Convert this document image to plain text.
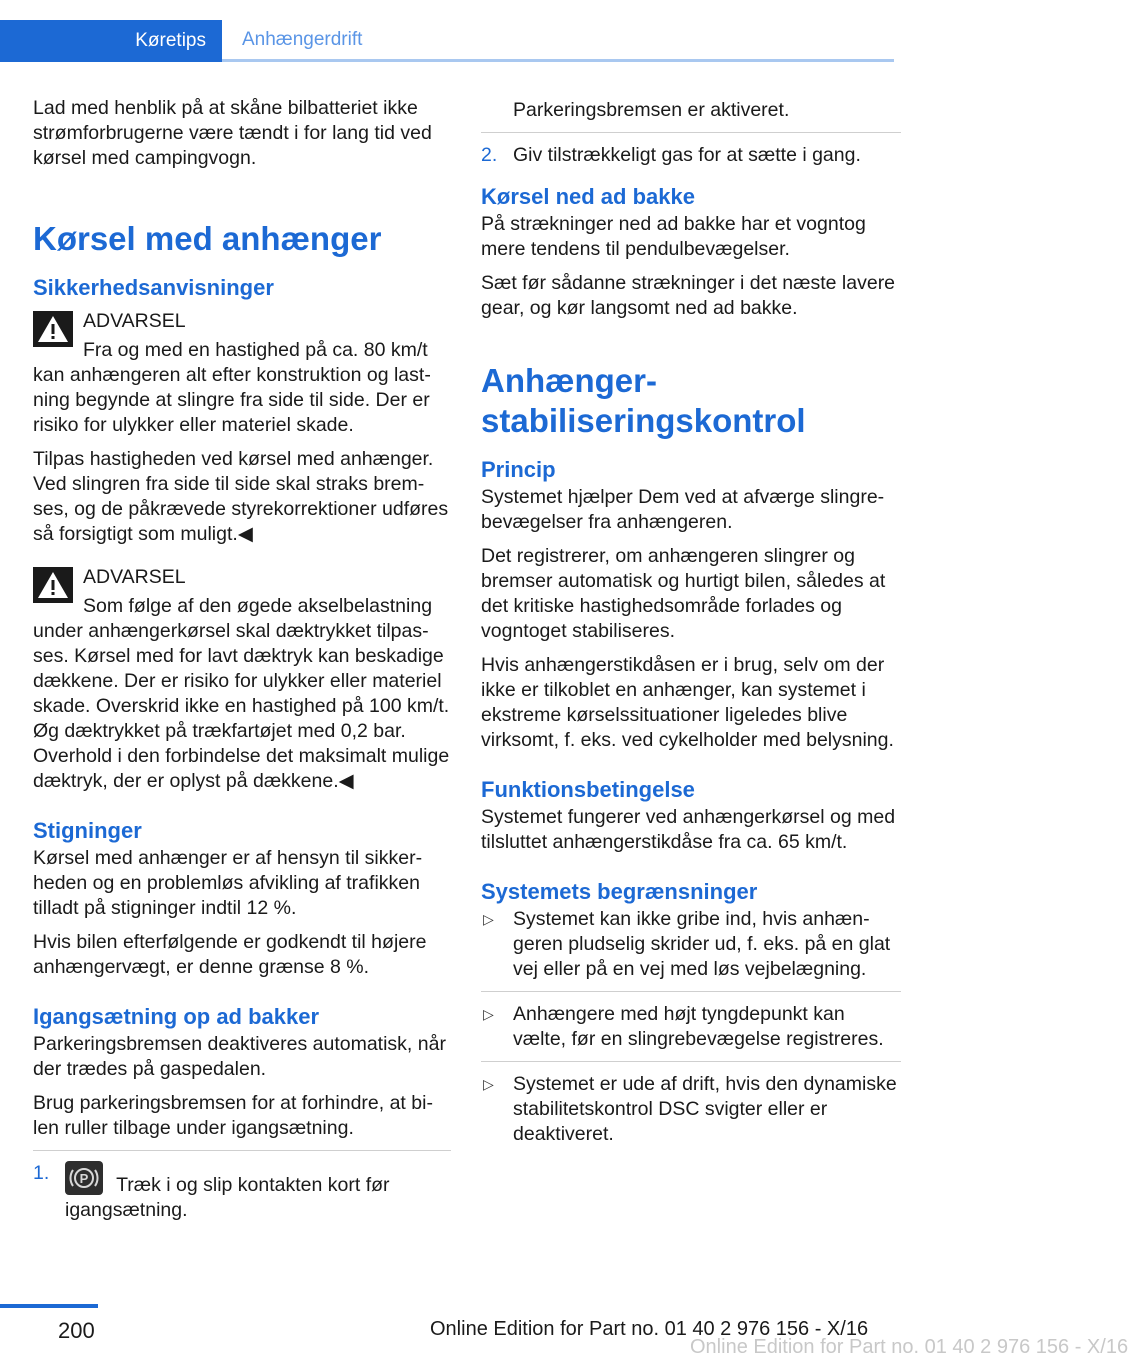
Køretips	Anhængerdrift

Lad med henblik på at skåne bilbatteriet ikke strømforbrugerne være tændt i for lang tid ved kørsel med campingvogn.

Kørsel med anhænger
Sikkerhedsanvisninger
ADVARSEL

Fra og med en hastighed på ca. 80 km/t kan anhængeren alt efter konstruktion og lastning begynde at slingre fra side til side. Der er risiko for ulykker eller materiel skade.

Tilpas hastigheden ved kørsel med anhænger. Ved slingren fra side til side skal straks bremses, og de påkrævede styrekorrektioner udføres så forsigtigt som muligt.◀

ADVARSEL

Som følge af den øgede akselbelastning under anhængerkørsel skal dæktrykket tilpasses. Kørsel med for lavt dæktryk kan beskadige dækkene. Der er risiko for ulykker eller materiel skade. Overskrid ikke en hastighed på 100 km/t. Øg dæktrykket på trækfartøjet med 0,2 bar. Overhold i den forbindelse det maksimalt mulige dæktryk, der er oplyst på dækkene.◀

Stigninger

Kørsel med anhænger er af hensyn til sikkerheden og en problemløs afvikling af trafikken tilladt på stigninger indtil 12 %.

Hvis bilen efterfølgende er godkendt til højere anhængervægt, er denne grænse 8 %.

Igangsætning op ad bakker

Parkeringsbremsen deaktiveres automatisk, når der trædes på gaspedalen.

Brug parkeringsbremsen for at forhindre, at bilen ruller tilbage under igangsætning.

1. P Træk i og slip kontakten kort før igangsætning.

Parkeringsbremsen er aktiveret.

2. Giv tilstrækkeligt gas for at sætte i gang.
Kørsel ned ad bakke

På strækninger ned ad bakke har et vogntog mere tendens til pendulbevægelser.

Sæt før sådanne strækninger i det næste lavere gear, og kør langsomt ned ad bakke.

Anhængerstabiliseringskontrol
Princip

Systemet hjælper Dem ved at afværge slingrebevægelser fra anhængeren.

Det registrerer, om anhængeren slingrer og bremser automatisk og hurtigt bilen, således at det kritiske hastighedsområde forlades og vogntoget stabiliseres.

Hvis anhængerstikdåsen er i brug, selv om der ikke er tilkoblet en anhænger, kan systemet i ekstreme kørselssituationer ligeledes blive virksomt, f. eks. ved cykelholder med belysning.

Funktionsbetingelse

Systemet fungerer ved anhængerkørsel og med tilsluttet anhængerstikdåse fra ca. 65 km/t.

Systemets begrænsninger
▷ Systemet kan ikke gribe ind, hvis anhængeren pludselig skrider ud, f. eks. på en glat vej eller på en vej med løs vejbelægning.
▷ Anhængere med højt tyngdepunkt kan vælte, før en slingrebevægelse registreres.
▷ Systemet er ude af drift, hvis den dynamiske stabilitetskontrol DSC svigter eller er deaktiveret.
200	Online Edition for Part no. 01 40 2 976 156 - X/16
Online Edition for Part no. 01 40 2 976 156 - X/16
